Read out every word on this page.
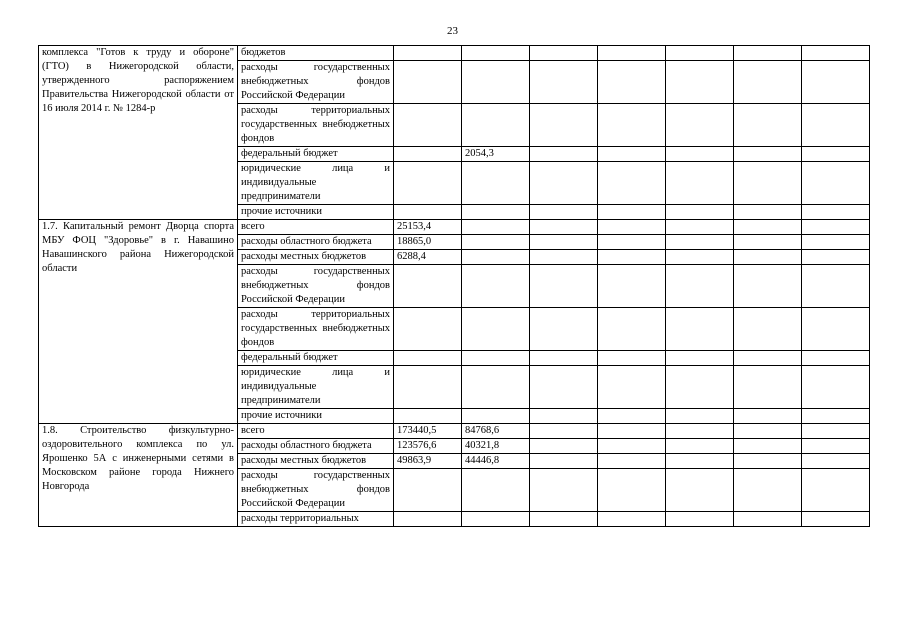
23
комплекса "Готов к труду и обороне" (ГТО) в Нижегородской области, утвержденного распоряжением Правительства Нижегородской области от 16 июля 2014 г. № 1284-р	бюджетов							
	расходы государственных внебюджетных фондов Российской Федерации							
	расходы территориальных государственных внебюджетных фондов							
	федеральный бюджет		2054,3					
	юридические лица и индивидуальные предприниматели							
	прочие источники							
1.7. Капитальный ремонт Дворца спорта МБУ ФОЦ "Здоровье" в г. Навашино Навашинского района Нижегородской области	всего	25153,4						
	расходы областного бюджета	18865,0						
	расходы местных бюджетов	6288,4						
	расходы государственных внебюджетных фондов Российской Федерации							
	расходы территориальных государственных внебюджетных фондов							
	федеральный бюджет							
	юридические лица и индивидуальные предприниматели							
	прочие источники							
1.8. Строительство физкультурно-оздоровительного комплекса по ул. Ярошенко 5А с инженерными сетями в Московском районе города Нижнего Новгорода	всего	173440,5	84768,6					
	расходы областного бюджета	123576,6	40321,8					
	расходы местных бюджетов	49863,9	44446,8					
	расходы государственных внебюджетных фондов Российской Федерации							
	расходы территориальных							
